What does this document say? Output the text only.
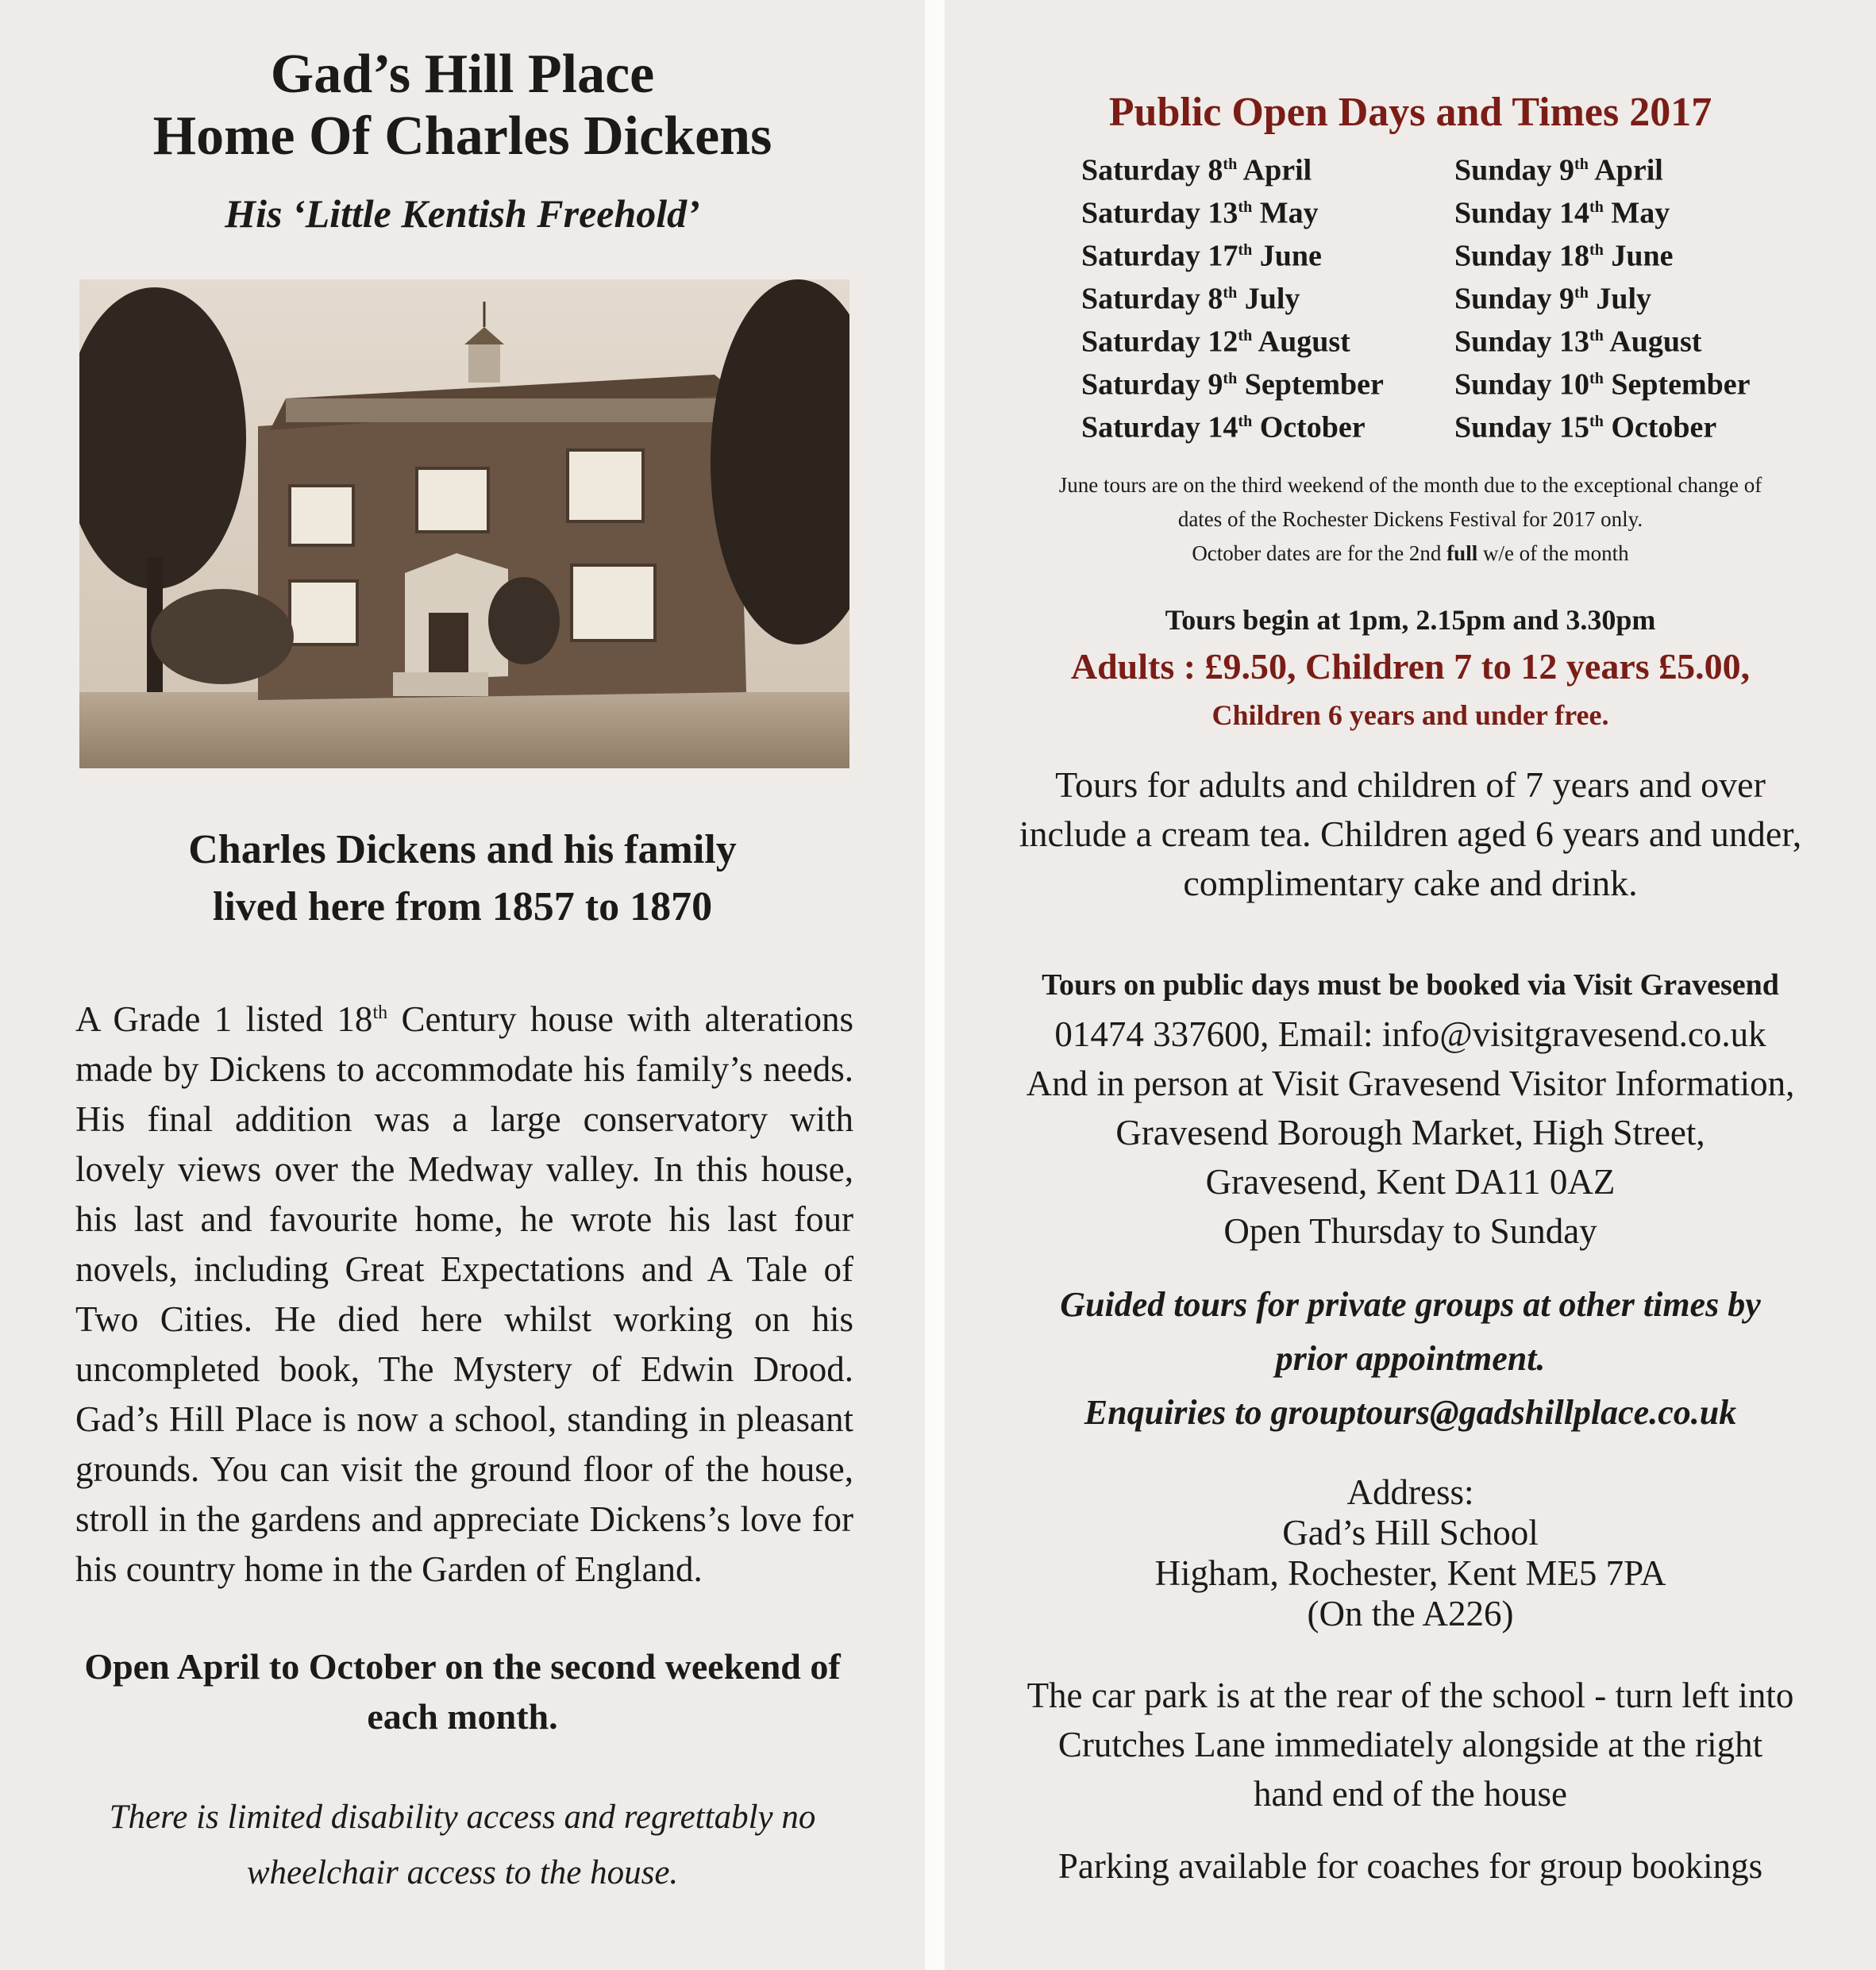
Gad’s Hill Place
Home Of Charles Dickens
His ‘Little Kentish Freehold’
Charles Dickens and his family
lived here from 1857 to 1870
A Grade 1 listed 18th Century house with alterations made by Dickens to accommodate his family’s needs. His final addition was a large conservatory with lovely views over the Medway valley. In this house, his last and favourite home, he wrote his last four novels, including Great Expectations and A Tale of Two Cities. He died here whilst working on his uncompleted book, The Mystery of Edwin Drood. Gad’s Hill Place is now a school, standing in pleasant grounds. You can visit the ground floor of the house, stroll in the gardens and appreciate Dickens’s love for his country home in the Garden of England.
Open April to October on the second weekend of
each month.
There is limited disability access and regrettably no
wheelchair access to the house.
Public Open Days and Times 2017
Saturday 8th April	Sunday 9th April
Saturday 13th May	Sunday 14th May
Saturday 17th June	Sunday 18th June
Saturday 8th July	Sunday 9th July
Saturday 12th August	Sunday 13th August
Saturday 9th September	Sunday 10th September
Saturday 14th October	Sunday 15th October
June tours are on the third weekend of the month due to the exceptional change of
dates of the Rochester Dickens Festival for 2017 only.
October dates are for the 2nd full w/e of the month
Tours begin at 1pm, 2.15pm and 3.30pm
Adults : £9.50, Children 7 to 12 years £5.00,
Children 6 years and under free.
Tours for adults and children of 7 years and over
include a cream tea. Children aged 6 years and under,
complimentary cake and drink.
Tours on public days must be booked via Visit Gravesend
01474 337600, Email: info@visitgravesend.co.uk
And in person at Visit Gravesend Visitor Information,
Gravesend Borough Market, High Street,
Gravesend, Kent DA11 0AZ
Open Thursday to Sunday
Guided tours for private groups at other times by
prior appointment.
Enquiries to grouptours@gadshillplace.co.uk
Address:
Gad’s Hill School
Higham, Rochester, Kent ME5 7PA
(On the A226)
The car park is at the rear of the school - turn left into
Crutches Lane immediately alongside at the right
hand end of the house
Parking available for coaches for group bookings
